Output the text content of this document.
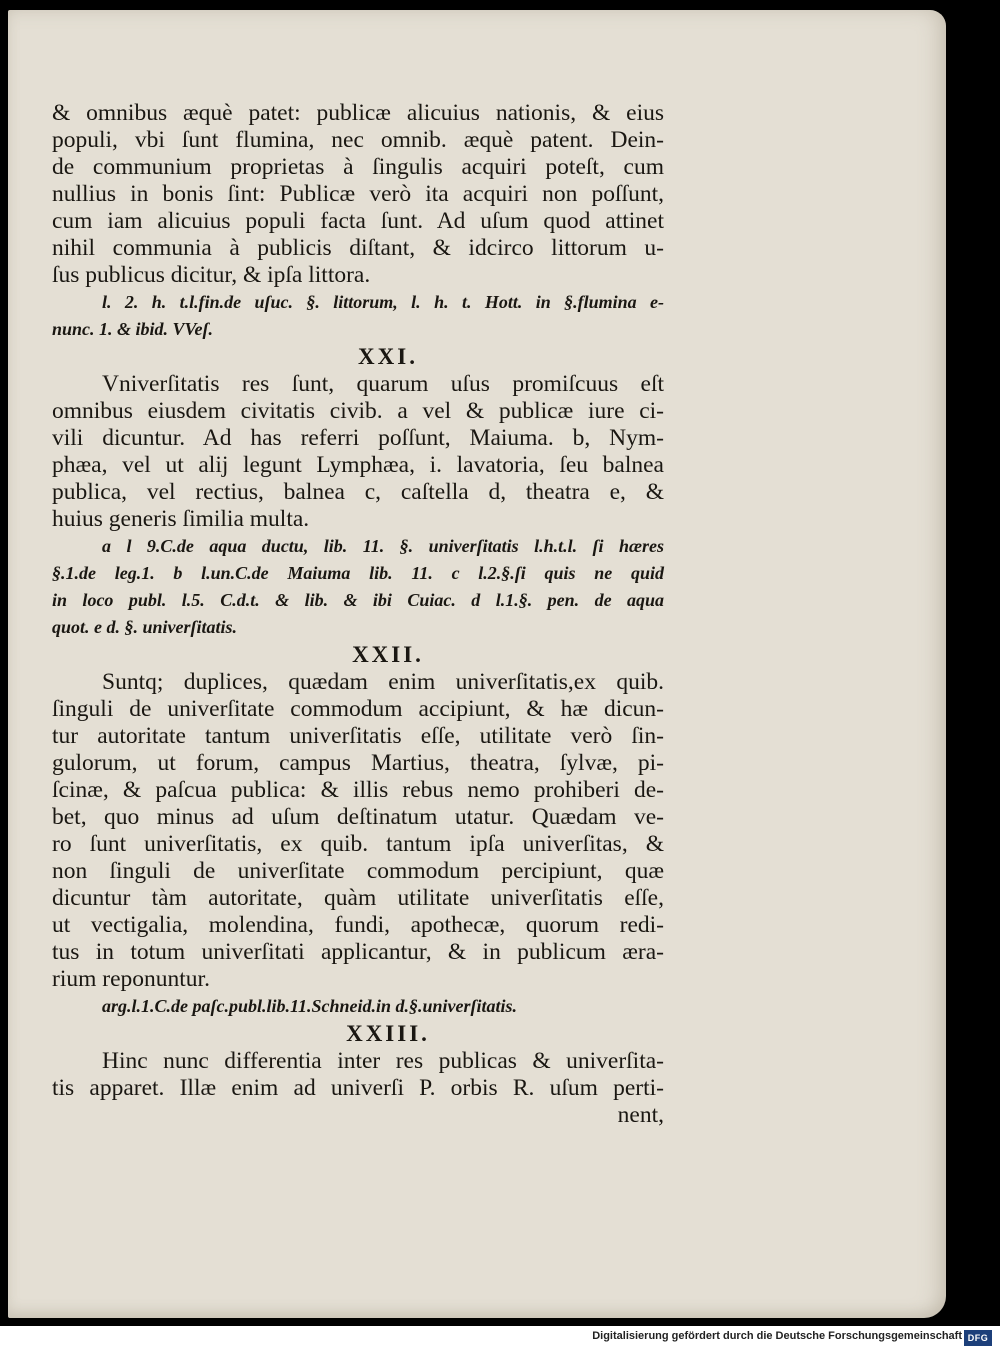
& omnibus æquè patet: publicæ alicuius nationis, & eius
populi, vbi ſunt flumina, nec omnib. æquè patent. Dein-
de communium proprietas à ſingulis acquiri poteſt, cum
nullius in bonis ſint: Publicæ verò ita acquiri non poſſunt,
cum iam alicuius populi facta ſunt. Ad uſum quod attinet
nihil communia à publicis diſtant, & idcirco littorum u-
ſus publicus dicitur, & ipſa littora.
l. 2. h. t.l.fin.de uſuc. §. littorum, l. h. t. Hott. in §.flumina e-
nunc. 1. & ibid. VVeſ.
XXI.
Vniverſitatis res ſunt, quarum uſus promiſcuus eſt
omnibus eiusdem civitatis civib. a vel & publicæ iure ci-
vili dicuntur. Ad has referri poſſunt, Maiuma. b, Nym-
phæa, vel ut alij legunt Lymphæa, i. lavatoria, ſeu balnea
publica, vel rectius, balnea c, caſtella d, theatra e, &
huius generis ſimilia multa.
a l 9.C.de aqua ductu, lib. 11. §. univerſitatis l.h.t.l. ſi hæres
§.1.de leg.1. b l.un.C.de Maiuma lib. 11. c l.2.§.ſi quis ne quid
in loco publ. l.5. C.d.t. & lib. & ibi Cuiac. d l.1.§. pen. de aqua
quot. e d. §. univerſitatis.
XXII.
Suntq; duplices, quædam enim univerſitatis,ex quib.
ſinguli de univerſitate commodum accipiunt, & hæ dicun-
tur autoritate tantum univerſitatis eſſe, utilitate verò ſin-
gulorum, ut forum, campus Martius, theatra, ſylvæ, pi-
ſcinæ, & paſcua publica: & illis rebus nemo prohiberi de-
bet, quo minus ad uſum deſtinatum utatur. Quædam ve-
ro ſunt univerſitatis, ex quib. tantum ipſa univerſitas, &
non ſinguli de univerſitate commodum percipiunt, quæ
dicuntur tàm autoritate, quàm utilitate univerſitatis eſſe,
ut vectigalia, molendina, fundi, apothecæ, quorum redi-
tus in totum univerſitati applicantur, & in publicum æra-
rium reponuntur.
arg.l.1.C.de paſc.publ.lib.11.Schneid.in d.§.univerſitatis.
XXIII.
Hinc nunc differentia inter res publicas & univerſita-
tis apparet. Illæ enim ad univerſi P. orbis R. uſum perti-
nent,
Digitalisierung gefördert durch die Deutsche Forschungsgemeinschaft DFG
